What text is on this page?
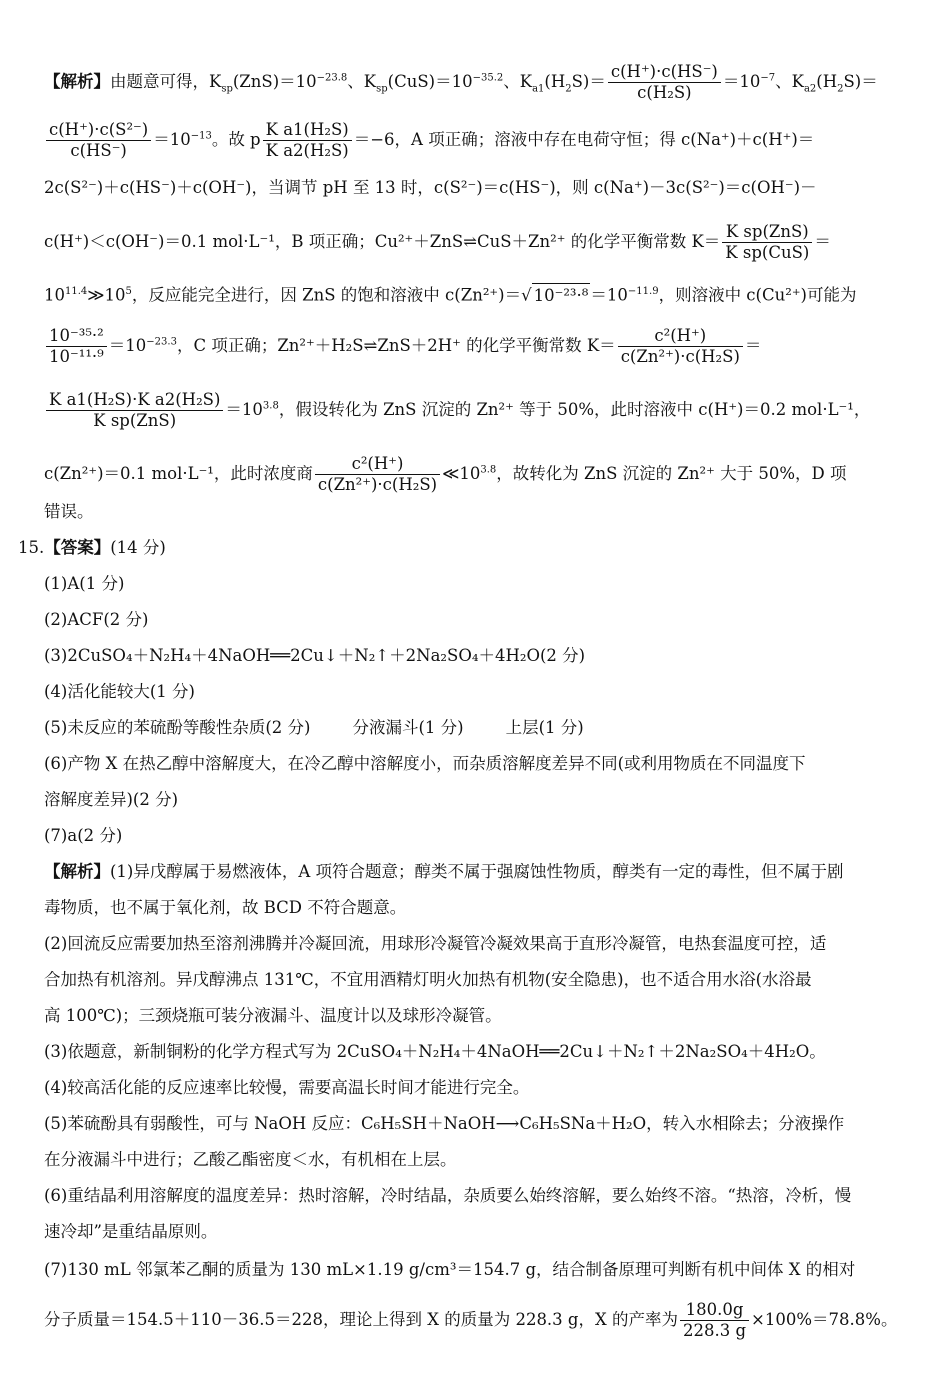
【解析】由题意可得，$K_{sp}(ZnS)=10^{-23.8}$、$K_{sp}(CuS)=10^{-35.2}$、$K_{a1}(H_2S)= \frac{c(H^+)\cdot c(HS^-)}{\text{c(H₂S)}} =10^{-7}$、$K_{a2}(H_2S)=$
$\frac{\text{c(H⁺)·c(S²⁻)}}{c(HS^-)} =10^{-13}$。故 p $\frac{\text{K a1(H₂S)}}{\text{K a2(H₂S)}} =-6$，A 项正确；溶液中存在电荷守恒；得 c(Na⁺)＋c(H⁺)＝
2c(S²⁻)＋c(HS⁻)＋c(OH⁻)，当调节 pH 至 13 时，c(S²⁻)＝c(HS⁻)，则 c(Na⁺)－3c(S²⁻)＝c(OH⁻)－
c(H⁺)＜c(OH⁻)＝0.1 mol·L⁻¹，B 项正确；Cu²⁺＋ZnS⇌CuS＋Zn²⁺ 的化学平衡常数 $K= \frac{\text{K sp(ZnS)}}{\text{K sp(CuS)}}$ ＝
$10^{11.4}≫10^5$，反应能完全进行，因 ZnS 的饱和溶液中 c(Zn²⁺)＝√ $10^{-23}\cdot^8 =10^{-11.9}$，则溶液中 c(Cu²⁺)可能为
$\frac{\text{10⁻³⁵·²}}{\text{10⁻¹¹·⁹}} =10^{-23.3}$，C 项正确；Zn²⁺＋H₂S⇌ZnS＋2H⁺ 的化学平衡常数 $K= \frac{\text{c²(H⁺)}}{\text{c(Zn²⁺)·c(H₂S)}}$ ＝
$\frac{\text{K a1(H₂S)·K a2(H₂S)}}{\text{K sp(ZnS)}} =10^{3.8}$，假设转化为 ZnS 沉淀的 Zn²⁺ 等于 50%，此时溶液中 c(H⁺)＝0.2 mol·L⁻¹，
c(Zn²⁺)＝0.1 mol·L⁻¹，此时浓度商 $\frac{\text{c²(H⁺)}}{\text{c(Zn²⁺)·c(H₂S)}}$ $≪10^{3.8}$，故转化为 ZnS 沉淀的 Zn²⁺ 大于 50%，D 项
错误。
15.【答案】(14 分)
(1)A(1 分)
(2)ACF(2 分)
(3)2CuSO₄＋N₂H₄＋4NaOH══2Cu↓＋N₂↑＋2Na₂SO₄＋4H₂O(2 分)
(4)活化能较大(1 分)
(5)未反应的苯硫酚等酸性杂质(2 分)	分液漏斗(1 分)	上层(1 分)
(6)产物 X 在热乙醇中溶解度大，在冷乙醇中溶解度小，而杂质溶解度差异不同(或利用物质在不同温度下
溶解度差异)(2 分)
(7)a(2 分)
【解析】(1)异戊醇属于易燃液体，A 项符合题意；醇类不属于强腐蚀性物质，醇类有一定的毒性，但不属于剧
毒物质，也不属于氧化剂，故 BCD 不符合题意。
(2)回流反应需要加热至溶剂沸腾并冷凝回流，用球形冷凝管冷凝效果高于直形冷凝管，电热套温度可控，适
合加热有机溶剂。异戊醇沸点 131℃，不宜用酒精灯明火加热有机物(安全隐患)，也不适合用水浴(水浴最
高 100℃)；三颈烧瓶可装分液漏斗、温度计以及球形冷凝管。
(3)依题意，新制铜粉的化学方程式写为 2CuSO₄＋N₂H₄＋4NaOH══2Cu↓＋N₂↑＋2Na₂SO₄＋4H₂O。
(4)较高活化能的反应速率比较慢，需要高温长时间才能进行完全。
(5)苯硫酚具有弱酸性，可与 NaOH 反应：C₆H₅SH＋NaOH⟶C₆H₅SNa＋H₂O，转入水相除去；分液操作
在分液漏斗中进行；乙酸乙酯密度＜水，有机相在上层。
(6)重结晶利用溶解度的温度差异：热时溶解，冷时结晶，杂质要么始终溶解，要么始终不溶。“热溶，冷析，慢
速冷却”是重结晶原则。
(7)130 mL 邻氯苯乙酮的质量为 130 mL×1.19 g/cm³＝154.7 g，结合制备原理可判断有机中间体 X 的相对
分子质量＝154.5＋110－36.5＝228，理论上得到 X 的质量为 228.3 g，X 的产率为 $\frac{180.0g}{228.3 g} \times 100\%=78.8\%$。
